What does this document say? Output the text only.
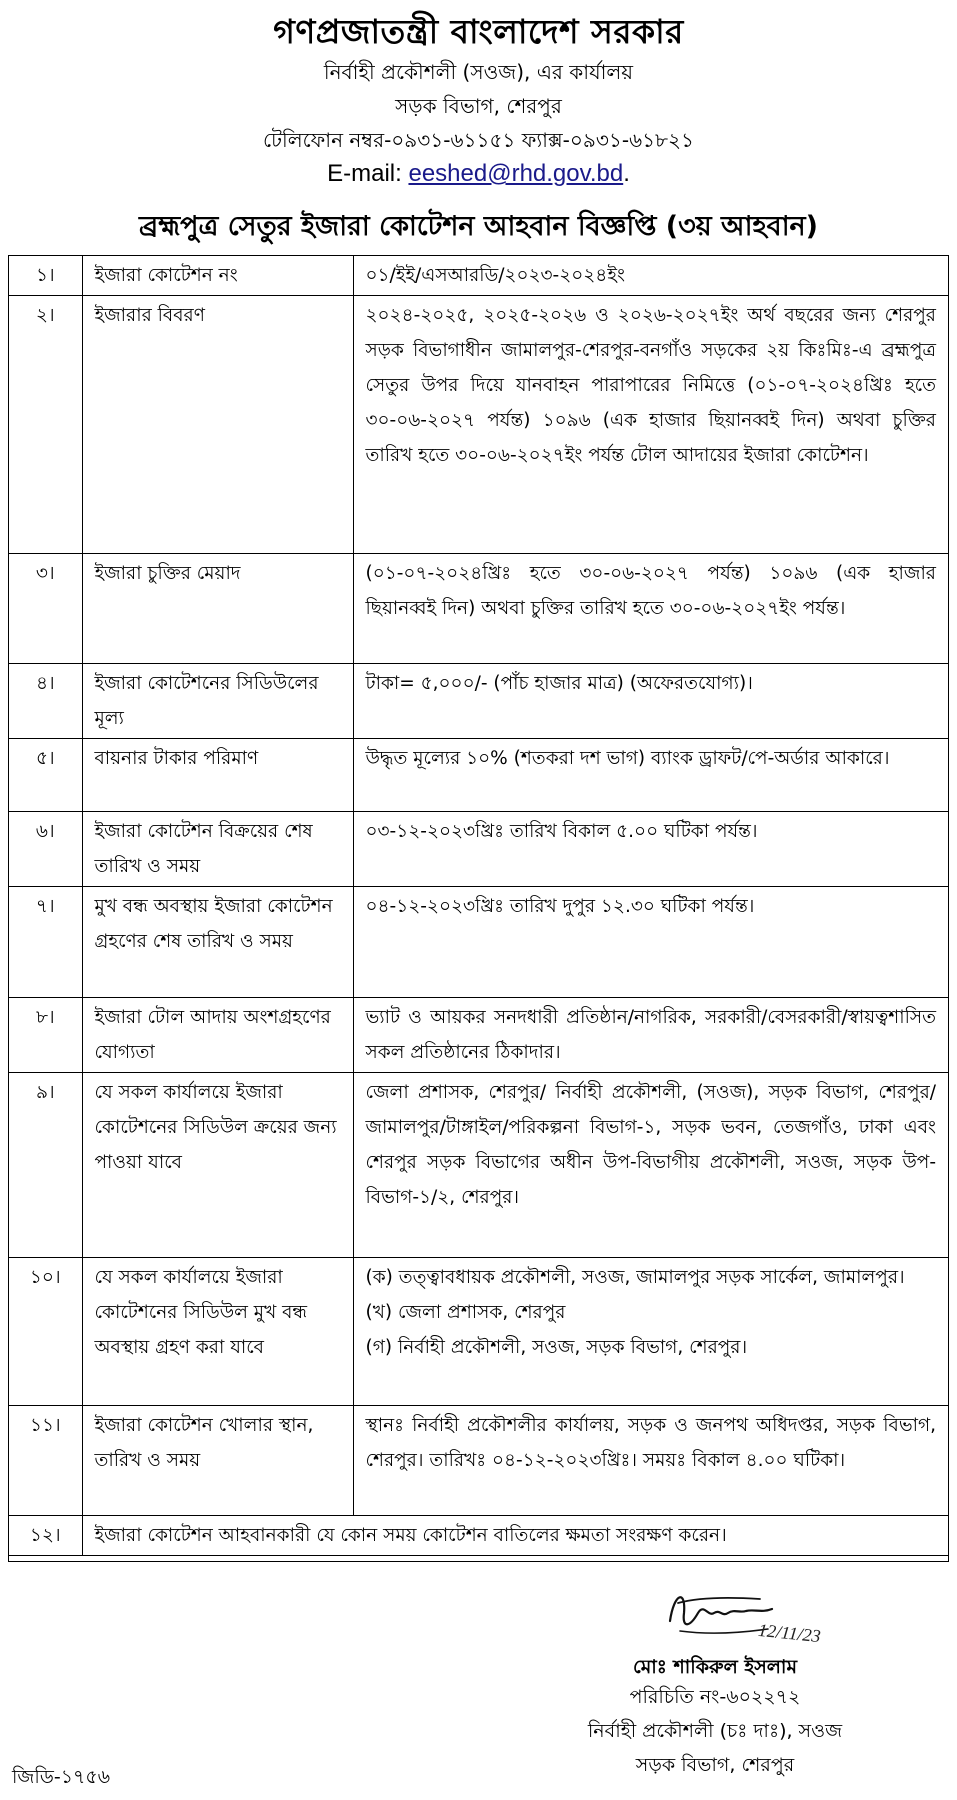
গণপ্রজাতন্ত্রী বাংলাদেশ সরকার
নির্বাহী প্রকৌশলী (সওজ), এর কার্যালয়
সড়ক বিভাগ, শেরপুর
টেলিফোন নম্বর-০৯৩১-৬১১৫১ ফ্যাক্স-০৯৩১-৬১৮২১
E-mail: eeshed@rhd.gov.bd.
ব্রহ্মপুত্র সেতুর ইজারা কোটেশন আহবান বিজ্ঞপ্তি (৩য় আহবান)
১।	ইজারা কোটেশন নং	০১/ইই/এসআরডি/২০২৩-২০২৪ইং
২।	ইজারার বিবরণ	২০২৪-২০২৫, ২০২৫-২০২৬ ও ২০২৬-২০২৭ইং অর্থ বছরের জন্য শেরপুর সড়ক বিভাগাধীন জামালপুর-শেরপুর-বনগাঁও সড়কের ২য় কিঃমিঃ-এ ব্রহ্মপুত্র সেতুর উপর দিয়ে যানবাহন পারাপারের নিমিত্তে (০১-০৭-২০২৪খ্রিঃ হতে ৩০-০৬-২০২৭ পর্যন্ত) ১০৯৬ (এক হাজার ছিয়ানব্বই দিন) অথবা চুক্তির তারিখ হতে ৩০-০৬-২০২৭ইং পর্যন্ত টোল আদায়ের ইজারা কোটেশন।
৩।	ইজারা চুক্তির মেয়াদ	(০১-০৭-২০২৪খ্রিঃ হতে ৩০-০৬-২০২৭ পর্যন্ত) ১০৯৬ (এক হাজার ছিয়ানব্বই দিন) অথবা চুক্তির তারিখ হতে ৩০-০৬-২০২৭ইং পর্যন্ত।
৪।	ইজারা কোটেশনের সিডিউলের মূল্য	টাকা= ৫,০০০/- (পাঁচ হাজার মাত্র) (অফেরতযোগ্য)।
৫।	বায়নার টাকার পরিমাণ	উদ্ধৃত মূল্যের ১০% (শতকরা দশ ভাগ) ব্যাংক ড্রাফট/পে-অর্ডার আকারে।
৬।	ইজারা কোটেশন বিক্রয়ের শেষ তারিখ ও সময়	০৩-১২-২০২৩খ্রিঃ তারিখ বিকাল ৫.০০ ঘটিকা পর্যন্ত।
৭।	মুখ বন্ধ অবস্থায় ইজারা কোটেশন গ্রহণের শেষ তারিখ ও সময়	০৪-১২-২০২৩খ্রিঃ তারিখ দুপুর ১২.৩০ ঘটিকা পর্যন্ত।
৮।	ইজারা টোল আদায় অংশগ্রহণের যোগ্যতা	ভ্যাট ও আয়কর সনদধারী প্রতিষ্ঠান/নাগরিক, সরকারী/বেসরকারী/স্বায়ত্বশাসিত সকল প্রতিষ্ঠানের ঠিকাদার।
৯।	যে সকল কার্যালয়ে ইজারা কোটেশনের সিডিউল ক্রয়ের জন্য পাওয়া যাবে	জেলা প্রশাসক, শেরপুর/ নির্বাহী প্রকৌশলী, (সওজ), সড়ক বিভাগ, শেরপুর/জামালপুর/টাঙ্গাইল/পরিকল্পনা বিভাগ-১, সড়ক ভবন, তেজগাঁও, ঢাকা এবং শেরপুর সড়ক বিভাগের অধীন উপ-বিভাগীয় প্রকৌশলী, সওজ, সড়ক উপ-বিভাগ-১/২, শেরপুর।
১০।	যে সকল কার্যালয়ে ইজারা কোটেশনের সিডিউল মুখ বন্ধ অবস্থায় গ্রহণ করা যাবে	(ক) তত্ত্বাবধায়ক প্রকৌশলী, সওজ, জামালপুর সড়ক সার্কেল, জামালপুর।
(খ) জেলা প্রশাসক, শেরপুর
(গ) নির্বাহী প্রকৌশলী, সওজ, সড়ক বিভাগ, শেরপুর।

১১।	ইজারা কোটেশন খোলার স্থান, তারিখ ও সময়	স্থানঃ নির্বাহী প্রকৌশলীর কার্যালয়, সড়ক ও জনপথ অধিদপ্তর, সড়ক বিভাগ, শেরপুর। তারিখঃ ০৪-১২-২০২৩খ্রিঃ। সময়ঃ বিকাল ৪.০০ ঘটিকা।
১২।	ইজারা কোটেশন আহবানকারী যে কোন সময় কোটেশন বাতিলের ক্ষমতা সংরক্ষণ করেন।	

12/11/23
মোঃ শাকিরুল ইসলাম
পরিচিতি নং-৬০২২৭২
নির্বাহী প্রকৌশলী (চঃ দাঃ), সওজ
সড়ক বিভাগ, শেরপুর
জিডি-১৭৫৬
